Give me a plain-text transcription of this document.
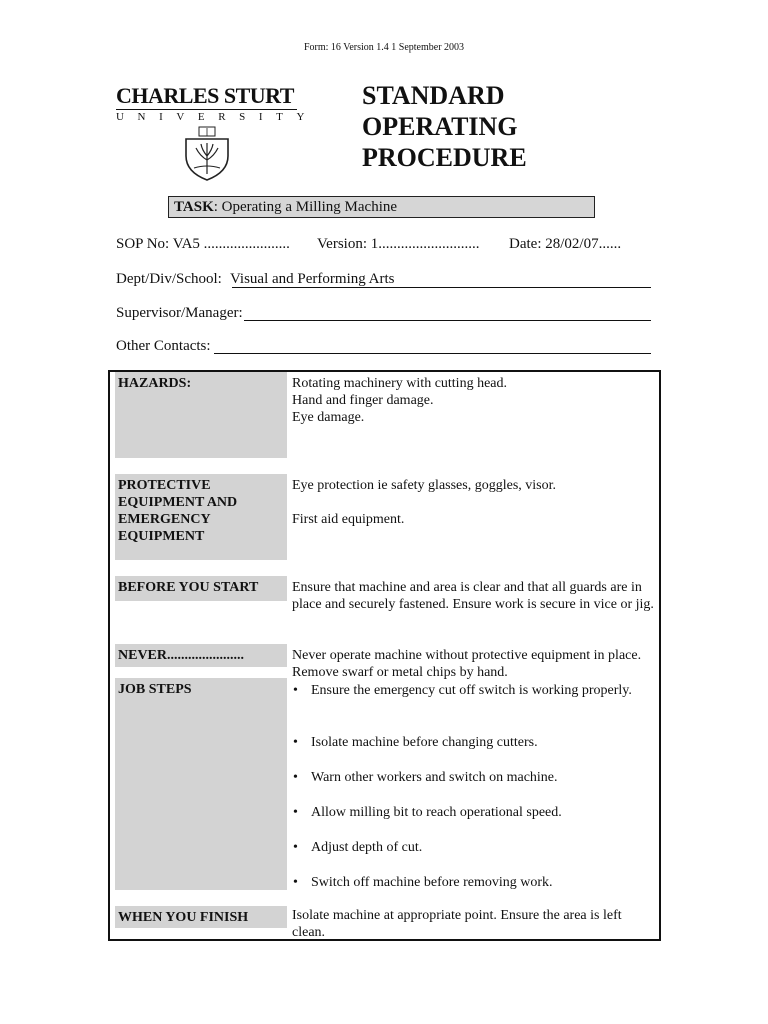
Form: 16 Version 1.4 1 September 2003
CHARLES STURT
UNIVERSITY
STANDARD
OPERATING
PROCEDURE
TASK: Operating a Milling Machine
SOP No: VA5 ....................... Version: 1........................... Date: 28/02/07......
Dept/Div/School: Visual and Performing Arts
Supervisor/Manager:
Other Contacts:
HAZARDS:	Rotating machinery with cutting head.

Hand and finger damage.

Eye damage.

PROTECTIVE EQUIPMENT AND EMERGENCY EQUIPMENT

Eye protection ie safety glasses, goggles, visor.

First aid equipment.

BEFORE YOU START	Ensure that machine and area is clear and that all guards are in place and securely fastened. Ensure work is secure in vice or jig.
NEVER......................	Never operate machine without protective equipment in place. Remove swarf or metal chips by hand.
JOB STEPS
•	Ensure the emergency cut off switch is working properly.
• Isolate machine before changing cutters.
• Warn other workers and switch on machine.
• Allow milling bit to reach operational speed.
• Adjust depth of cut.
• Switch off machine before removing work.
WHEN YOU FINISH	Isolate machine at appropriate point. Ensure the area is left clean.
